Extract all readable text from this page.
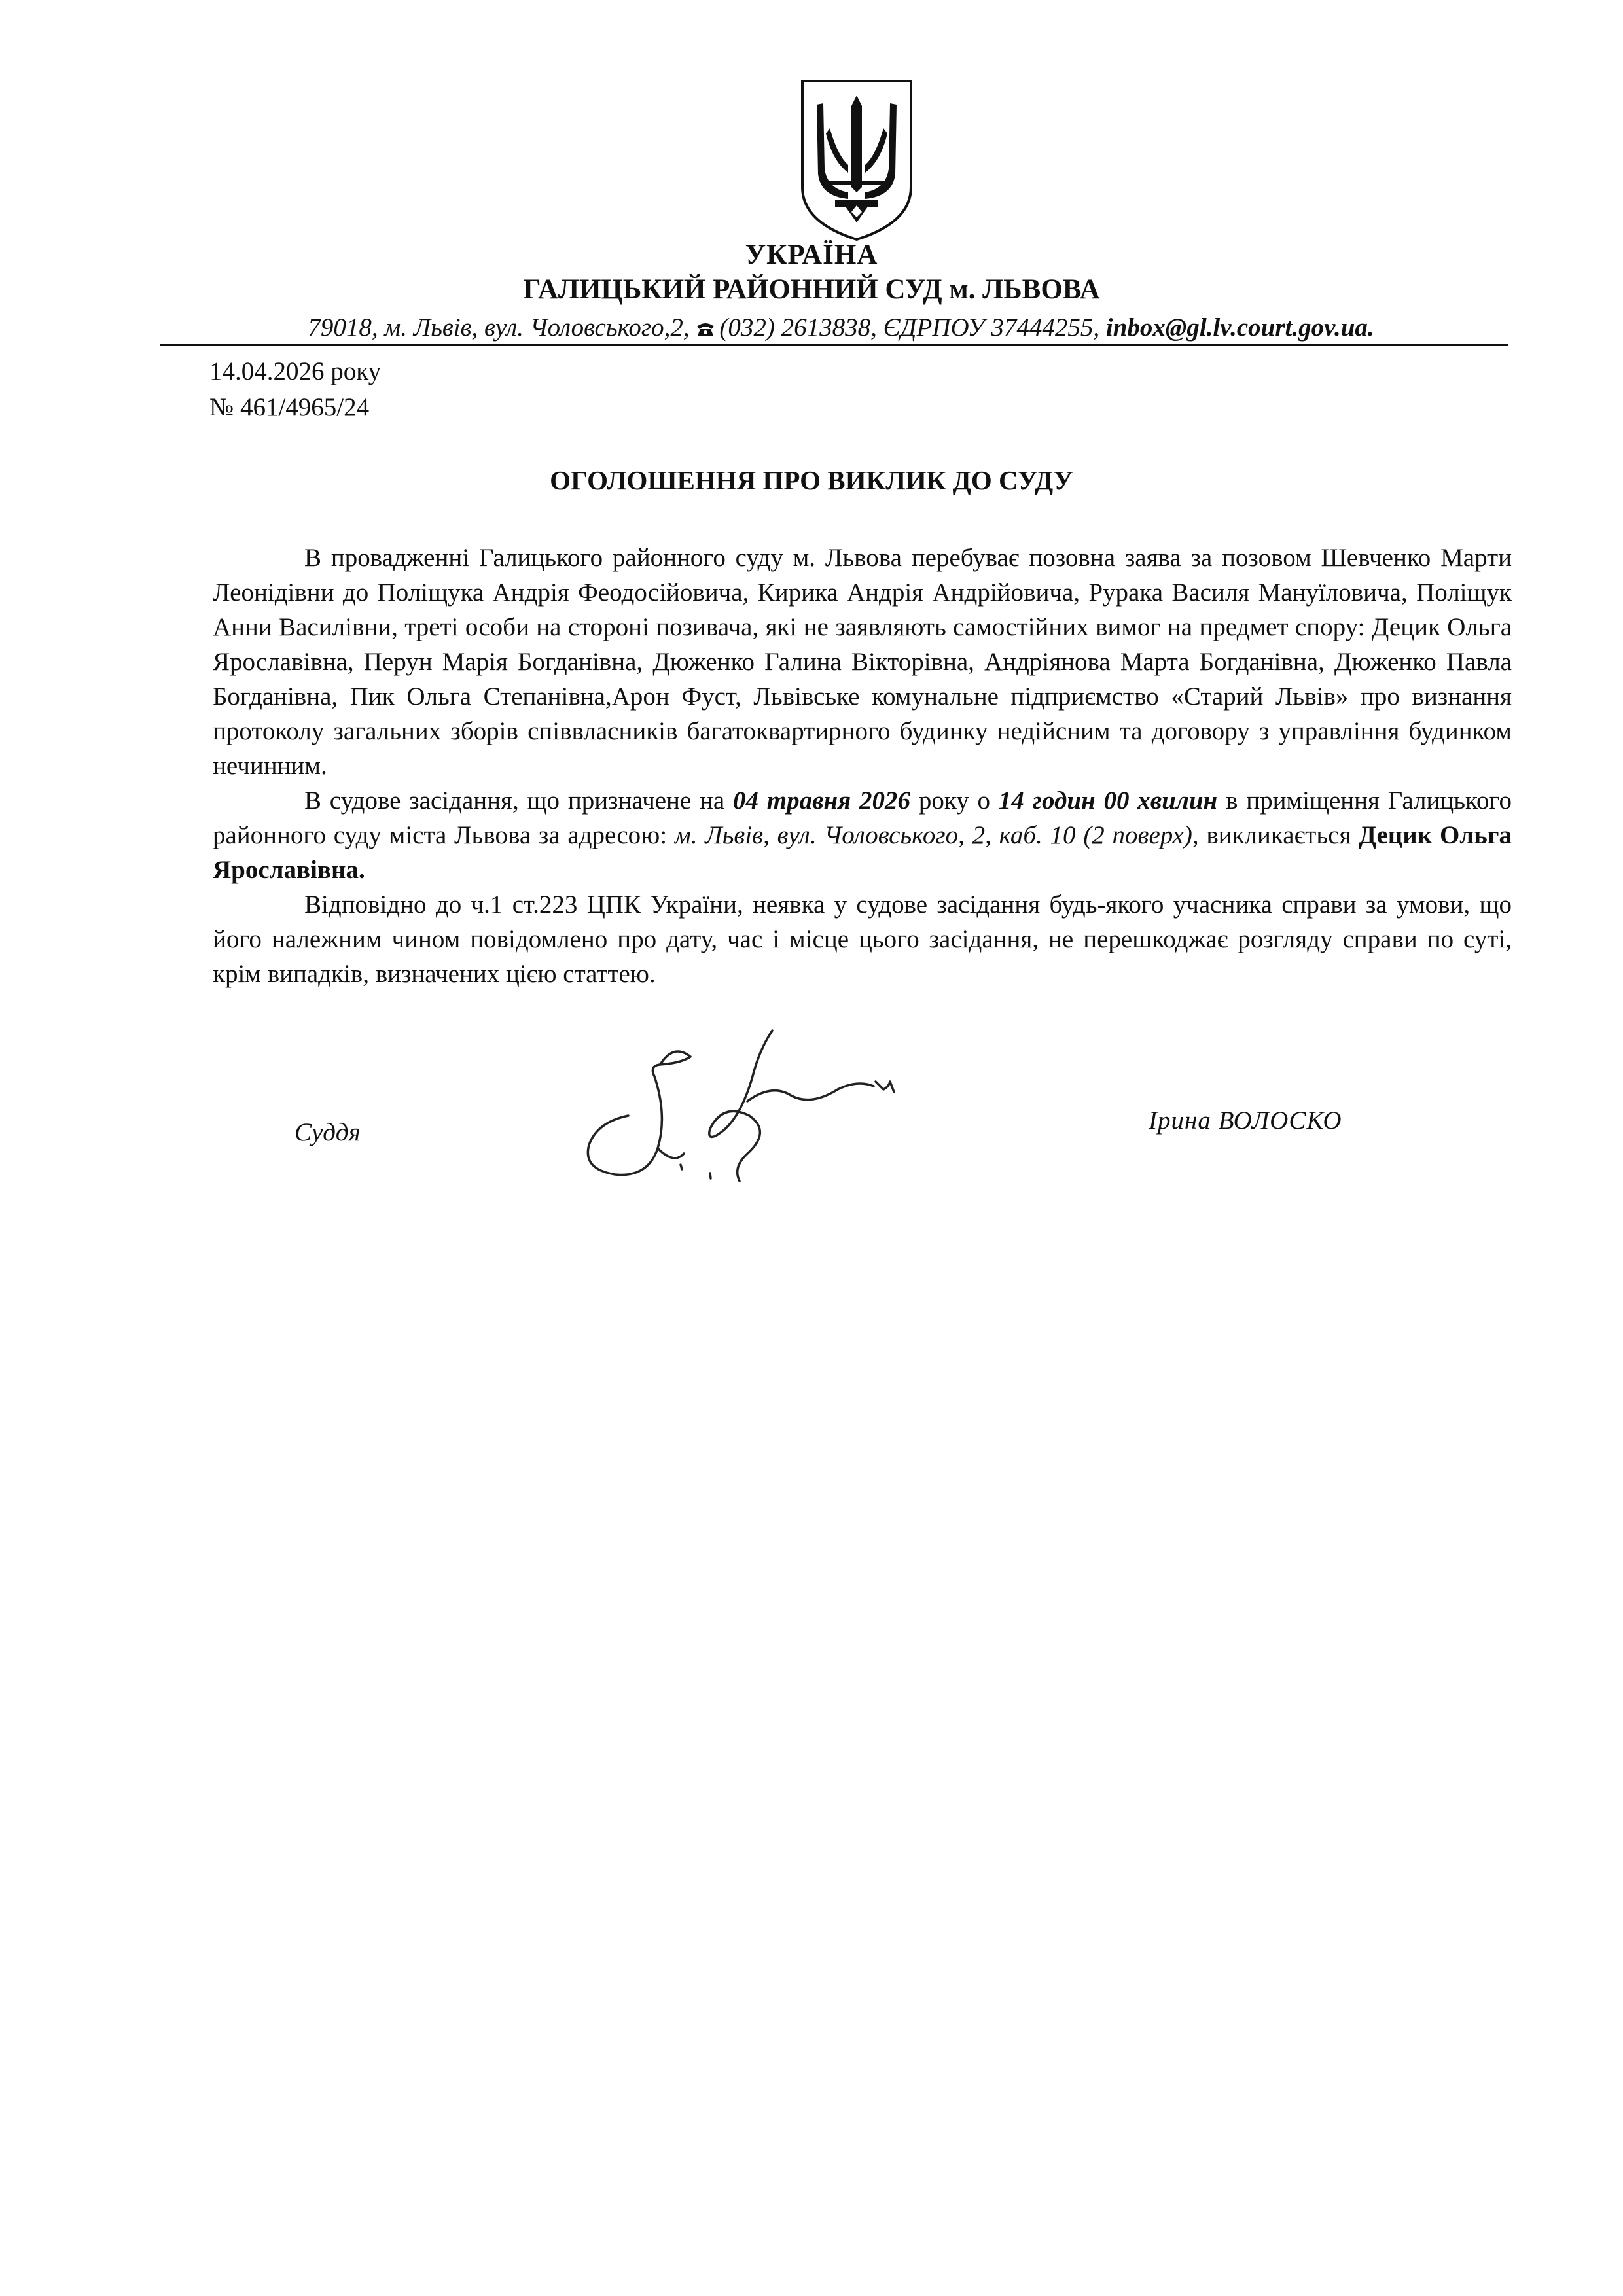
УКРАЇНА
ГАЛИЦЬКИЙ РАЙОННИЙ СУД м. ЛЬВОВА
79018, м. Львів, вул. Чоловського,2, (032) 2613838, ЄДРПОУ 37444255, inbox@gl.lv.court.gov.ua.
14.04.2026 року
№ 461/4965/24
ОГОЛОШЕННЯ ПРО ВИКЛИК ДО СУДУ

В провадженні Галицького районного суду м. Львова перебуває позовна заява за позовом Шевченко Марти Леонідівни до Поліщука Андрія Феодосійовича, Кирика Андрія Андрійовича, Рурака Василя Мануїловича, Поліщук Анни Василівни, треті особи на стороні позивача, які не заявляють самостійних вимог на предмет спору: Децик Ольга Ярославівна, Перун Марія Богданівна, Дюженко Галина Вікторівна, Андріянова Марта Богданівна, Дюженко Павла Богданівна, Пик Ольга Степанівна,Арон Фуст, Львівське комунальне підприємство «Старий Львів» про визнання протоколу загальних зборів співвласників багатоквартирного будинку недійсним та договору з управління будинком нечинним.

В судове засідання, що призначене на 04 травня 2026 року о 14 годин 00 хвилин в приміщення Галицького районного суду міста Львова за адресою: м. Львів, вул. Чоловського, 2, каб. 10 (2 поверх), викликається Децик Ольга Ярославівна.

Відповідно до ч.1 ст.223 ЦПК України, неявка у судове засідання будь-якого учасника справи за умови, що його належним чином повідомлено про дату, час і місце цього засідання, не перешкоджає розгляду справи по суті, крім випадків, визначених цією статтею.

Суддя	Ірина ВОЛОСКО
